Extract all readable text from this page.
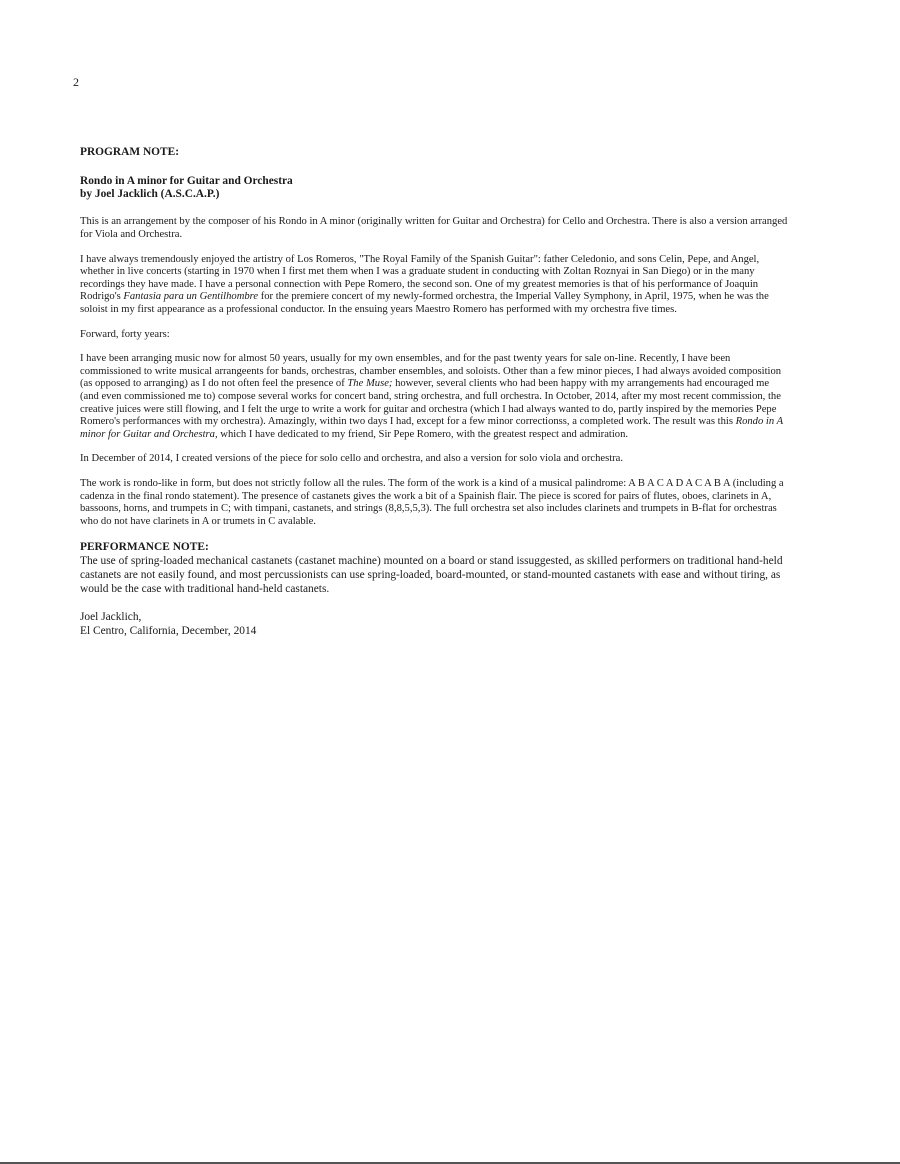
2
PROGRAM NOTE:
Rondo in A minor for Guitar and Orchestra
by Joel Jacklich (A.S.C.A.P.)

This is an arrangement by the composer of his Rondo in A minor (originally written for Guitar and Orchestra) for Cello and Orchestra. There is also a version arranged for Viola and Orchestra.

I have always tremendously enjoyed the artistry of Los Romeros, "The Royal Family of the Spanish Guitar": father Celedonio, and sons Celin, Pepe, and Angel, whether in live concerts (starting in 1970 when I first met them when I was a graduate student in conducting with Zoltan Roznyai in San Diego) or in the many recordings they have made. I have a personal connection with Pepe Romero, the second son. One of my greatest memories is that of his performance of Joaquin Rodrigo's Fantasia para un Gentilhombre for the premiere concert of my newly-formed orchestra, the Imperial Valley Symphony, in April, 1975, when he was the soloist in my first appearance as a professional conductor. In the ensuing years Maestro Romero has performed with my orchestra five times.

Forward, forty years:

I have been arranging music now for almost 50 years, usually for my own ensembles, and for the past twenty years for sale on-line. Recently, I have been commissioned to write musical arrangeents for bands, orchestras, chamber ensembles, and soloists. Other than a few minor pieces, I had always avoided composition (as opposed to arranging) as I do not often feel the presence of The Muse; however, several clients who had been happy with my arrangements had encouraged me (and even commissioned me to) compose several works for concert band, string orchestra, and full orchestra. In October, 2014, after my most recent commission, the creative juices were still flowing, and I felt the urge to write a work for guitar and orchestra (which I had always wanted to do, partly inspired by the memories Pepe Romero's performances with my orchestra). Amazingly, within two days I had, except for a few minor correctionss, a completed work. The result was this Rondo in A minor for Guitar and Orchestra, which I have dedicated to my friend, Sir Pepe Romero, with the greatest respect and admiration.

In December of 2014, I created versions of the piece for solo cello and orchestra, and also a version for solo viola and orchestra.

The work is rondo-like in form, but does not strictly follow all the rules. The form of the work is a kind of a musical palindrome: A B A C A D A C A B A (including a cadenza in the final rondo statement). The presence of castanets gives the work a bit of a Spainish flair. The piece is scored for pairs of flutes, oboes, clarinets in A, bassoons, horns, and trumpets in C; with timpani, castanets, and strings (8,8,5,5,3). The full orchestra set also includes clarinets and trumpets in B-flat for orchestras who do not have clarinets in A or trumets in C avalable.

PERFORMANCE NOTE:

The use of spring-loaded mechanical castanets (castanet machine) mounted on a board or stand issuggested, as skilled performers on traditional hand-held castanets are not easily found, and most percussionists can use spring-loaded, board-mounted, or stand-mounted castanets with ease and without tiring, as would be the case with traditional hand-held castanets.

Joel Jacklich,
El Centro, California, December, 2014
